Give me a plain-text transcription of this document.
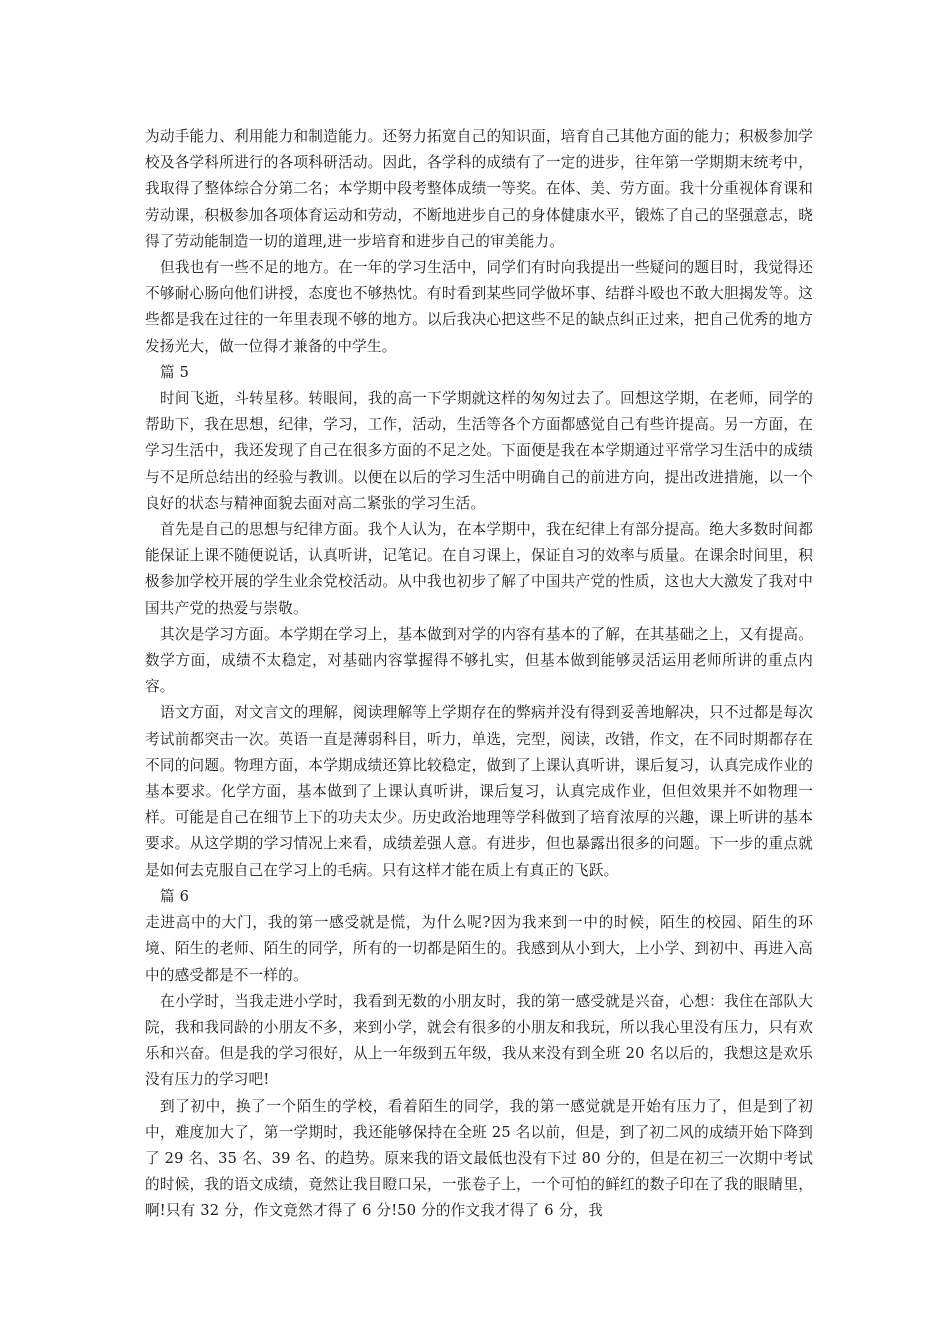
为动手能力、利用能力和制造能力。还努力拓宽自己的知识面，培育自己其他方面的能力；积极参加学校及各学科所进行的各项科研活动。因此，各学科的成绩有了一定的进步，往年第一学期期末统考中，我取得了整体综合分第二名；本学期中段考整体成绩一等奖。在体、美、劳方面。我十分重视体育课和劳动课，积极参加各项体育运动和劳动，不断地进步自己的身体健康水平，锻炼了自己的坚强意志，晓得了劳动能制造一切的道理,进一步培育和进步自己的审美能力。

但我也有一些不足的地方。在一年的学习生活中，同学们有时向我提出一些疑问的题目时，我觉得还不够耐心肠向他们讲授，态度也不够热忱。有时看到某些同学做坏事、结群斗殴也不敢大胆揭发等。这些都是我在过往的一年里表现不够的地方。以后我决心把这些不足的缺点纠正过来，把自己优秀的地方发扬光大，做一位得才兼备的中学生。

篇 5

时间飞逝，斗转星移。转眼间，我的高一下学期就这样的匆匆过去了。回想这学期，在老师，同学的帮助下，我在思想，纪律，学习，工作，活动，生活等各个方面都感觉自己有些许提高。另一方面，在学习生活中，我还发现了自己在很多方面的不足之处。下面便是我在本学期通过平常学习生活中的成绩与不足所总结出的经验与教训。以便在以后的学习生活中明确自己的前进方向，提出改进措施，以一个良好的状态与精神面貌去面对高二紧张的学习生活。

首先是自己的思想与纪律方面。我个人认为，在本学期中，我在纪律上有部分提高。绝大多数时间都能保证上课不随便说话，认真听讲，记笔记。在自习课上，保证自习的效率与质量。在课余时间里，积极参加学校开展的学生业余党校活动。从中我也初步了解了中国共产党的性质，这也大大激发了我对中国共产党的热爱与崇敬。

其次是学习方面。本学期在学习上，基本做到对学的内容有基本的了解，在其基础之上，又有提高。数学方面，成绩不太稳定，对基础内容掌握得不够扎实，但基本做到能够灵活运用老师所讲的重点内容。

语文方面，对文言文的理解，阅读理解等上学期存在的弊病并没有得到妥善地解决，只不过都是每次考试前都突击一次。英语一直是薄弱科目，听力，单选，完型，阅读，改错，作文，在不同时期都存在不同的问题。物理方面，本学期成绩还算比较稳定，做到了上课认真听讲，课后复习，认真完成作业的基本要求。化学方面，基本做到了上课认真听讲，课后复习，认真完成作业，但但效果并不如物理一样。可能是自己在细节上下的功夫太少。历史政治地理等学科做到了培育浓厚的兴趣，课上听讲的基本要求。从这学期的学习情况上来看，成绩差强人意。有进步，但也暴露出很多的问题。下一步的重点就是如何去克服自己在学习上的毛病。只有这样才能在质上有真正的飞跃。

篇 6

走进高中的大门，我的第一感受就是慌，为什么呢?因为我来到一中的时候，陌生的校园、陌生的环境、陌生的老师、陌生的同学，所有的一切都是陌生的。我感到从小到大，上小学、到初中、再进入高中的感受都是不一样的。

在小学时，当我走进小学时，我看到无数的小朋友时，我的第一感受就是兴奋，心想：我住在部队大院，我和我同龄的小朋友不多，来到小学，就会有很多的小朋友和我玩，所以我心里没有压力，只有欢乐和兴奋。但是我的学习很好，从上一年级到五年级，我从来没有到全班 20 名以后的，我想这是欢乐没有压力的学习吧!

到了初中，换了一个陌生的学校，看着陌生的同学，我的第一感觉就是开始有压力了，但是到了初中，难度加大了，第一学期时，我还能够保持在全班 25 名以前，但是，到了初二风的成绩开始下降到了 29 名、35 名、39 名、的趋势。原来我的语文最低也没有下过 80 分的，但是在初三一次期中考试的时候，我的语文成绩，竟然让我目瞪口呆，一张卷子上，一个可怕的鲜红的数子印在了我的眼睛里，啊!只有 32 分，作文竟然才得了 6 分!50 分的作文我才得了 6 分，我
